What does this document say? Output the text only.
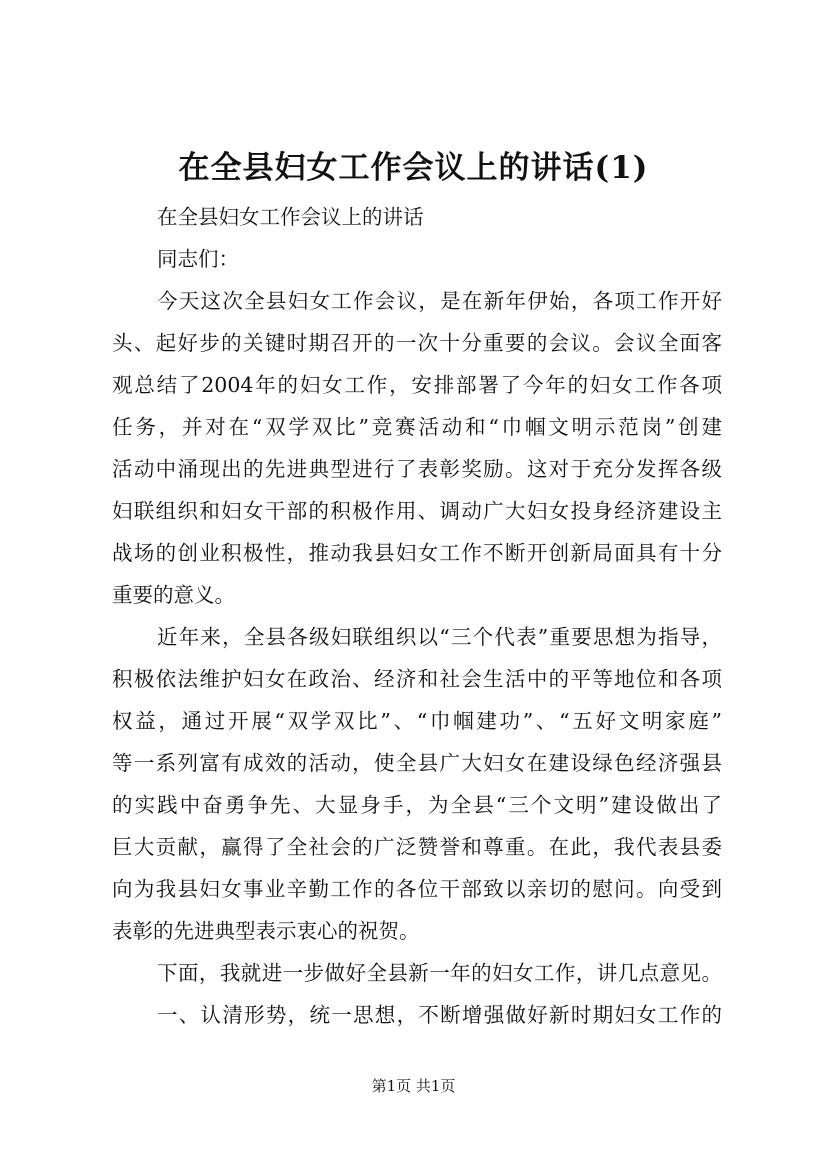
在全县妇女工作会议上的讲话(1)
在全县妇女工作会议上的讲话
同志们：
今天这次全县妇女工作会议，是在新年伊始，各项工作开好
头、起好步的关键时期召开的一次十分重要的会议。会议全面客
观总结了2004年的妇女工作，安排部署了今年的妇女工作各项
任务，并对在“双学双比”竞赛活动和“巾帼文明示范岗”创建
活动中涌现出的先进典型进行了表彰奖励。这对于充分发挥各级
妇联组织和妇女干部的积极作用、调动广大妇女投身经济建设主
战场的创业积极性，推动我县妇女工作不断开创新局面具有十分
重要的意义。
近年来，全县各级妇联组织以“三个代表”重要思想为指导，
积极依法维护妇女在政治、经济和社会生活中的平等地位和各项
权益，通过开展“双学双比”、“巾帼建功”、“五好文明家庭”
等一系列富有成效的活动，使全县广大妇女在建设绿色经济强县
的实践中奋勇争先、大显身手，为全县“三个文明”建设做出了
巨大贡献，赢得了全社会的广泛赞誉和尊重。在此，我代表县委
向为我县妇女事业辛勤工作的各位干部致以亲切的慰问。向受到
表彰的先进典型表示衷心的祝贺。
下面，我就进一步做好全县新一年的妇女工作，讲几点意见。
一、认清形势，统一思想，不断增强做好新时期妇女工作的
第1页 共1页
